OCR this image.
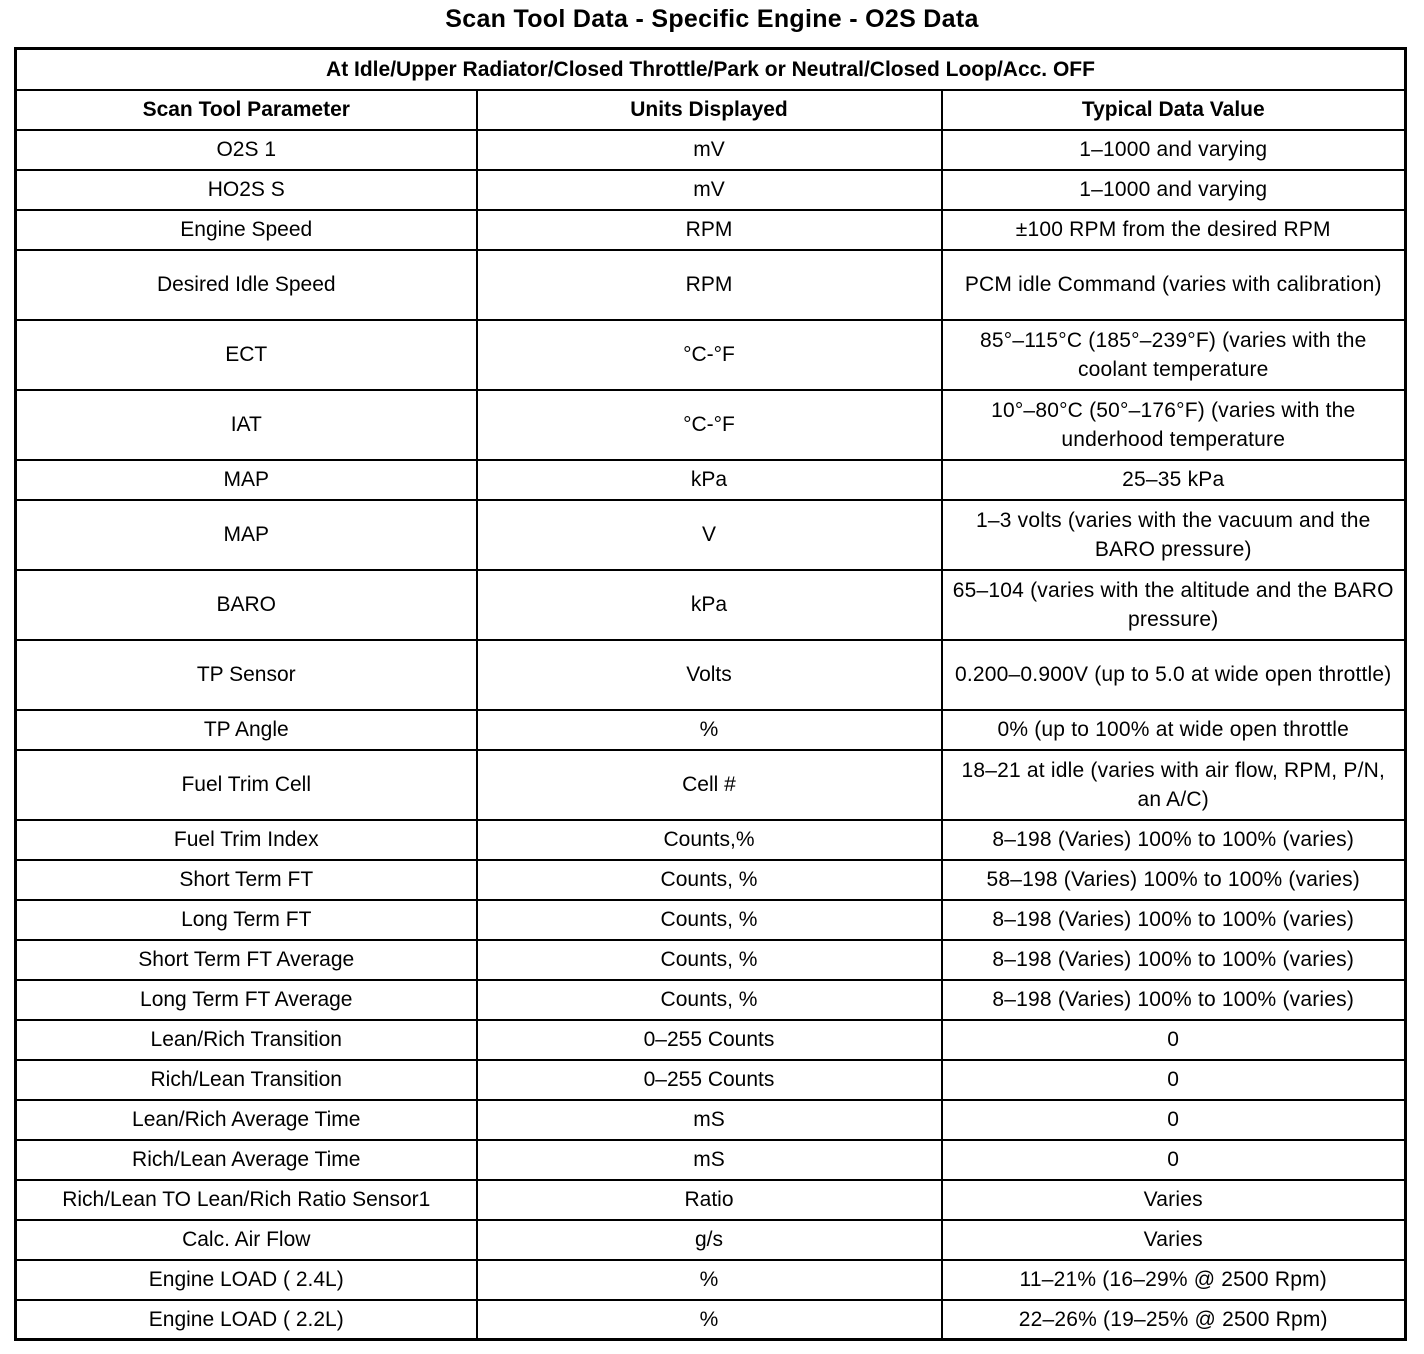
Scan Tool Data - Specific Engine - O2S Data
At Idle/Upper Radiator/Closed Throttle/Park or Neutral/Closed Loop/Acc. OFF		
Scan Tool Parameter	Units Displayed	Typical Data Value
O2S 1	mV	1–1000 and varying
HO2S S	mV	1–1000 and varying
Engine Speed	RPM	±100 RPM from the desired RPM
Desired Idle Speed	RPM	PCM idle Command (varies with calibration)
ECT	°C-°F	85°–115°C (185°–239°F) (varies with the coolant temperature
IAT	°C-°F	10°–80°C (50°–176°F) (varies with the underhood temperature
MAP	kPa	25–35 kPa
MAP	V	1–3 volts (varies with the vacuum and the BARO pressure)
BARO	kPa	65–104 (varies with the altitude and the BARO pressure)
TP Sensor	Volts	0.200–0.900V (up to 5.0 at wide open throttle)
TP Angle	%	0% (up to 100% at wide open throttle
Fuel Trim Cell	Cell #	18–21 at idle (varies with air flow, RPM, P/N, an A/C)
Fuel Trim Index	Counts,%	8–198 (Varies) 100% to 100% (varies)
Short Term FT	Counts, %	58–198 (Varies) 100% to 100% (varies)
Long Term FT	Counts, %	8–198 (Varies) 100% to 100% (varies)
Short Term FT Average	Counts, %	8–198 (Varies) 100% to 100% (varies)
Long Term FT Average	Counts, %	8–198 (Varies) 100% to 100% (varies)
Lean/Rich Transition	0–255 Counts	0
Rich/Lean Transition	0–255 Counts	0
Lean/Rich Average Time	mS	0
Rich/Lean Average Time	mS	0
Rich/Lean TO Lean/Rich Ratio Sensor1	Ratio	Varies
Calc. Air Flow	g/s	Varies
Engine LOAD ( 2.4L)	%	11–21% (16–29% @ 2500 Rpm)
Engine LOAD ( 2.2L)	%	22–26% (19–25% @ 2500 Rpm)
